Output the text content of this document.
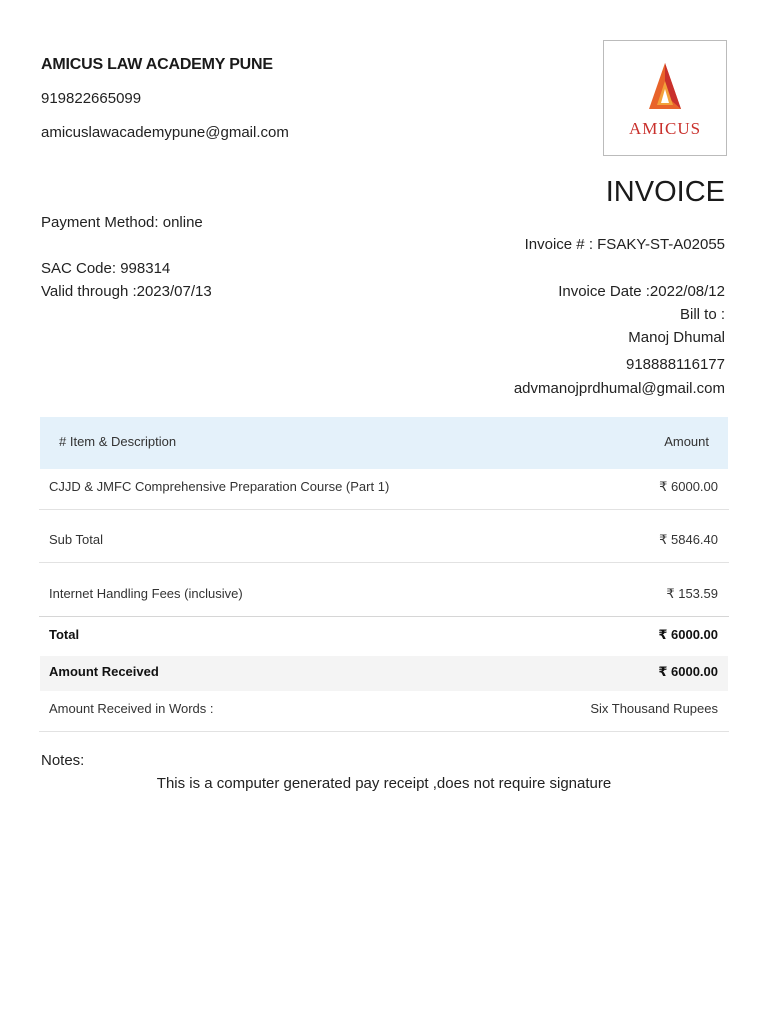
AMICUS LAW ACADEMY PUNE
919822665099
amicuslawacademypune@gmail.com	AMICUS
INVOICE
Payment Method: online
Invoice # : FSAKY-ST-A02055
SAC Code: 998314
Valid through :2023/07/13	Invoice Date :2022/08/12
Bill to :
Manoj Dhumal
918888116177
advmanojprdhumal@gmail.com
# Item & Description	Amount
CJJD & JMFC Comprehensive Preparation Course (Part 1)	₹ 6000.00
Sub Total	₹ 5846.40
Internet Handling Fees (inclusive)	₹ 153.59
Total	₹ 6000.00
Amount Received	₹ 6000.00
Amount Received in Words :	Six Thousand Rupees
Notes:
This is a computer generated pay receipt ,does not require signature
